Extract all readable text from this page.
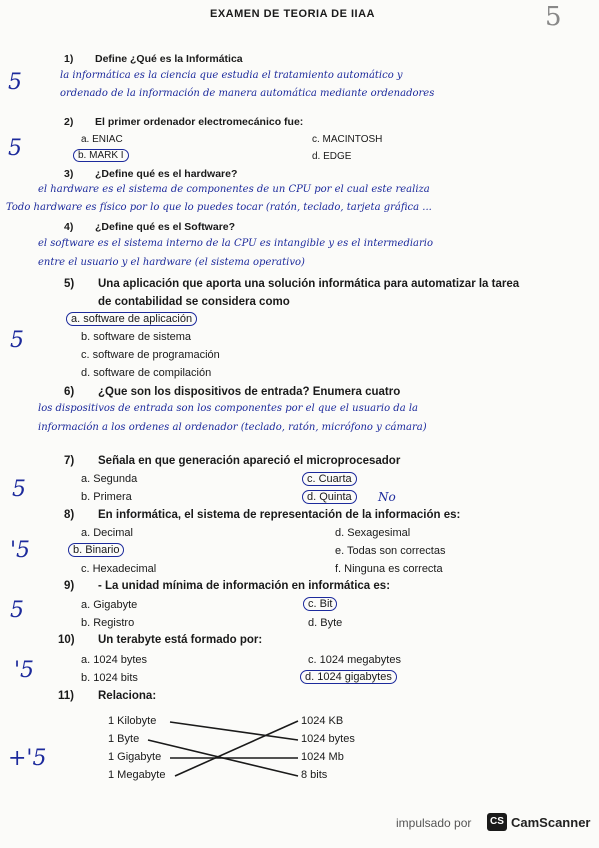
EXAMEN DE TEORIA DE IIAA	5
1) Define ¿Qué es la Informática
la informática es la ciencia que estudia el tratamiento automático y
ordenado de la información de manera automática mediante ordenadores
5
2) El primer ordenador electromecánico fue:
a. ENIAC
b. MARK I
c. MACINTOSH
d. EDGE
5
3) ¿Define qué es el hardware?
el hardware es el sistema de componentes de un CPU por el cual este realiza
Todo hardware es físico por lo que lo puedes tocar (ratón, teclado, tarjeta gráfica ...
4) ¿Define qué es el Software?
el software es el sistema interno de la CPU es intangible y es el intermediario
entre el usuario y el hardware (el sistema operativo)
5) Una aplicación que aporta una solución informática para automatizar la tarea
de contabilidad se considera como
a. software de aplicación
b. software de sistema
c. software de programación
d. software de compilación
5
6) ¿Que son los dispositivos de entrada? Enumera cuatro
los dispositivos de entrada son los componentes por el que el usuario da la
información a los ordenes al ordenador (teclado, ratón, micrófono y cámara)
7) Señala en que generación apareció el microprocesador
a. Segunda
b. Primera
c. Cuarta
d. Quinta	No
5
8) En informática, el sistema de representación de la información es:
a. Decimal
b. Binario
c. Hexadecimal
d. Sexagesimal
e. Todas son correctas
f. Ninguna es correcta
'5
9) - La unidad mínima de información en informática es:
a. Gigabyte
b. Registro
c. Bit
d. Byte
5
10) Un terabyte está formado por:
a. 1024 bytes
b. 1024 bits
c. 1024 megabytes
d. 1024 gigabytes
'5
11) Relaciona:
1 Kilobyte
1 Byte
1 Gigabyte
1 Megabyte
1024 KB
1024 bytes
1024 Mb
8 bits
+'5
impulsado por	CS CamScanner
